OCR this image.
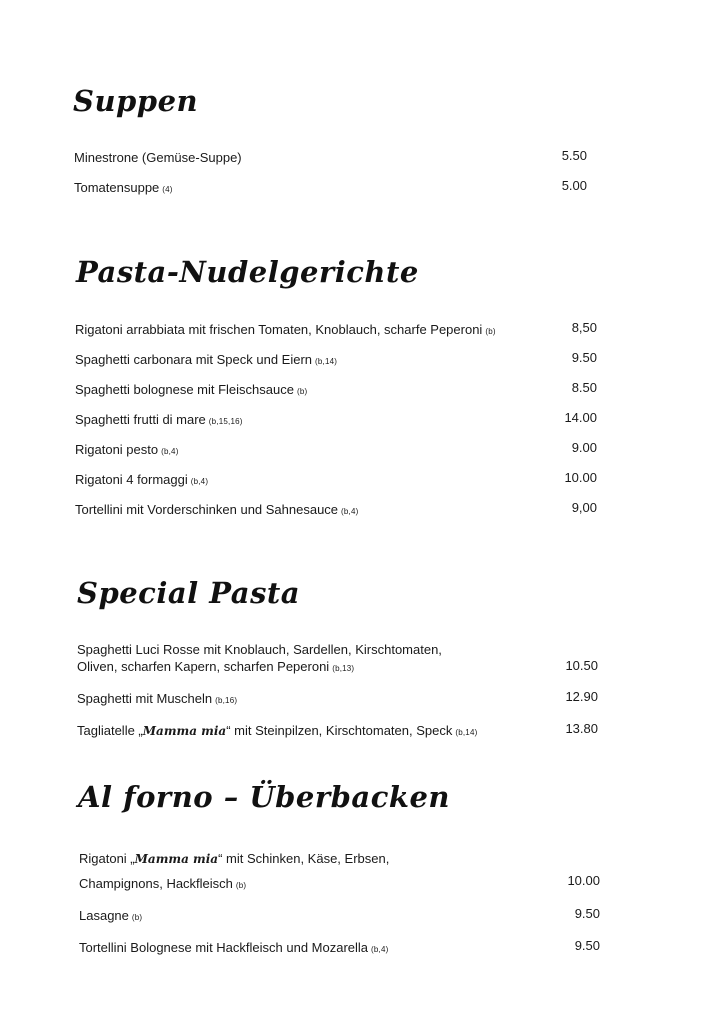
Suppen
Minestrone (Gemüse-Suppe)	5.50
Tomatensuppe (4)	5.00
Pasta-Nudelgerichte
Rigatoni arrabbiata mit frischen Tomaten, Knoblauch, scharfe Peperoni (b)	8,50
Spaghetti carbonara mit Speck und Eiern (b,14)	9.50
Spaghetti bolognese mit Fleischsauce (b)	8.50
Spaghetti frutti di mare (b,15,16)	14.00
Rigatoni pesto (b,4)	9.00
Rigatoni 4 formaggi (b,4)	10.00
Tortellini mit Vorderschinken und Sahnesauce (b,4)	9,00
Special Pasta
Spaghetti Luci Rosse mit Knoblauch, Sardellen, Kirschtomaten,
Oliven, scharfen Kapern, scharfen Peperoni (b,13)	10.50
Spaghetti mit Muscheln (b,16)	12.90
Tagliatelle „Mamma mia“ mit Steinpilzen, Kirschtomaten, Speck (b,14)	13.80
Al forno – Überbacken
Rigatoni „Mamma mia“ mit Schinken, Käse, Erbsen,
Champignons, Hackfleisch (b)	10.00
Lasagne (b)	9.50
Tortellini Bolognese mit Hackfleisch und Mozarella (b,4)	9.50
